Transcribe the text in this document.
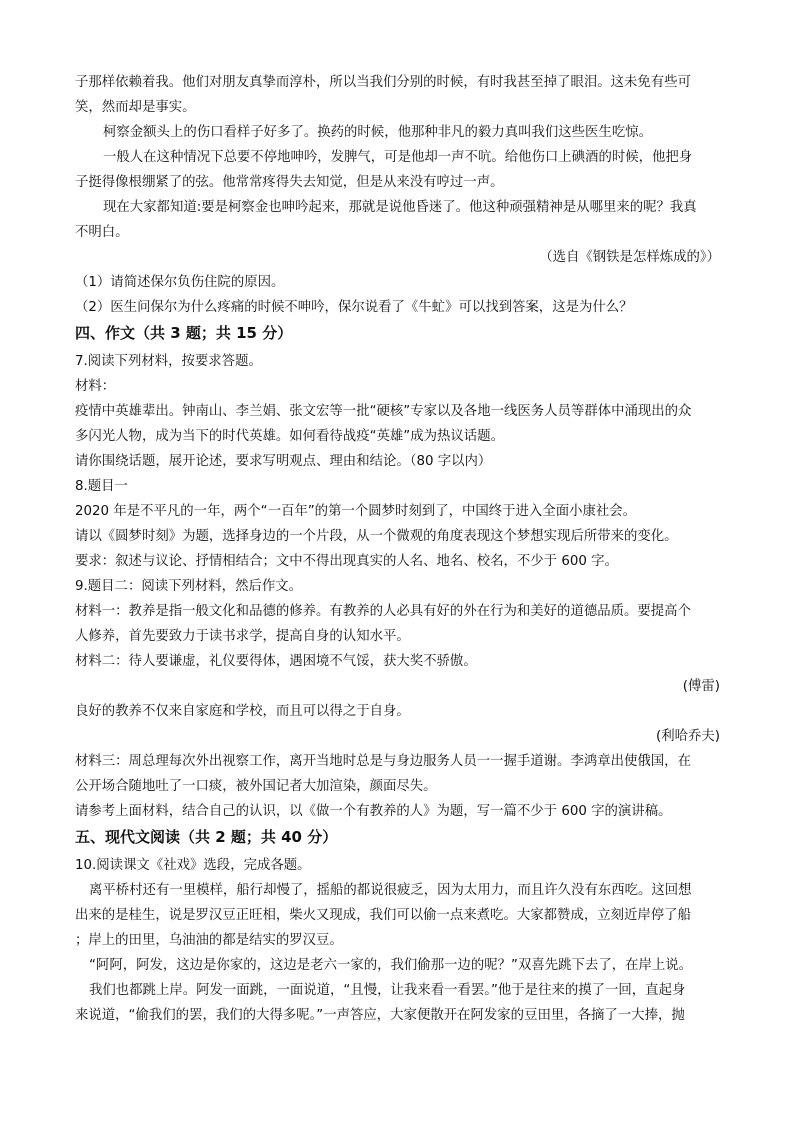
子那样依赖着我。他们对朋友真挚而淳朴，所以当我们分别的时候，有时我甚至掉了眼泪。这未免有些可
笑，然而却是事实。
柯察金额头上的伤口看样子好多了。换药的时候，他那种非凡的毅力真叫我们这些医生吃惊。
一般人在这种情况下总要不停地呻吟，发脾气，可是他却一声不吭。给他伤口上碘酒的时候，他把身
子挺得像根绷紧了的弦。他常常疼得失去知觉，但是从来没有哼过一声。
现在大家都知道:要是柯察金也呻吟起来，那就是说他昏迷了。他这种顽强精神是从哪里来的呢？我真
不明白。
（选自《钢铁是怎样炼成的》）
（1）请简述保尔负伤住院的原因。
（2）医生问保尔为什么疼痛的时候不呻吟，保尔说看了《牛虻》可以找到答案，这是为什么？
四、作文（共 3 题；共 15 分）
7.阅读下列材料，按要求答题。
材料：
疫情中英雄辈出。钟南山、李兰娟、张文宏等一批“硬核”专家以及各地一线医务人员等群体中涌现出的众
多闪光人物，成为当下的时代英雄。如何看待战疫“英雄”成为热议话题。
请你围绕话题，展开论述，要求写明观点、理由和结论。（80 字以内）
8.题目一
2020 年是不平凡的一年，两个“一百年”的第一个圆梦时刻到了，中国终于进入全面小康社会。
请以《圆梦时刻》为题，选择身边的一个片段，从一个微观的角度表现这个梦想实现后所带来的变化。
要求：叙述与议论、抒情相结合；文中不得出现真实的人名、地名、校名，不少于 600 字。
9.题目二：阅读下列材料，然后作文。
材料一：教养是指一般文化和品德的修养。有教养的人必具有好的外在行为和美好的道德品质。要提高个
人修养，首先要致力于读书求学，提高自身的认知水平。
材料二：待人要谦虚，礼仪要得体，遇困境不气馁，获大奖不骄傲。
(傅雷)
良好的教养不仅来自家庭和学校，而且可以得之于自身。
(利哈乔夫)
材料三：周总理每次外出视察工作，离开当地时总是与身边服务人员一一握手道谢。李鸿章出使俄国，在
公开场合随地吐了一口痰，被外国记者大加渲染，颜面尽失。
请参考上面材料，结合自己的认识，以《做一个有教养的人》为题，写一篇不少于 600 字的演讲稿。
五、现代文阅读（共 2 题；共 40 分）
10.阅读课文《社戏》选段，完成各题。
离平桥村还有一里模样，船行却慢了，摇船的都说很疲乏，因为太用力，而且许久没有东西吃。这回想
出来的是桂生，说是罗汉豆正旺相，柴火又现成，我们可以偷一点来煮吃。大家都赞成，立刻近岸停了船
；岸上的田里，乌油油的都是结实的罗汉豆。
“阿阿，阿发，这边是你家的，这边是老六一家的，我们偷那一边的呢？”双喜先跳下去了，在岸上说。
我们也都跳上岸。阿发一面跳，一面说道，“且慢，让我来看一看罢。”他于是往来的摸了一回，直起身
来说道，“偷我们的罢，我们的大得多呢。”一声答应，大家便散开在阿发家的豆田里，各摘了一大捧，抛
